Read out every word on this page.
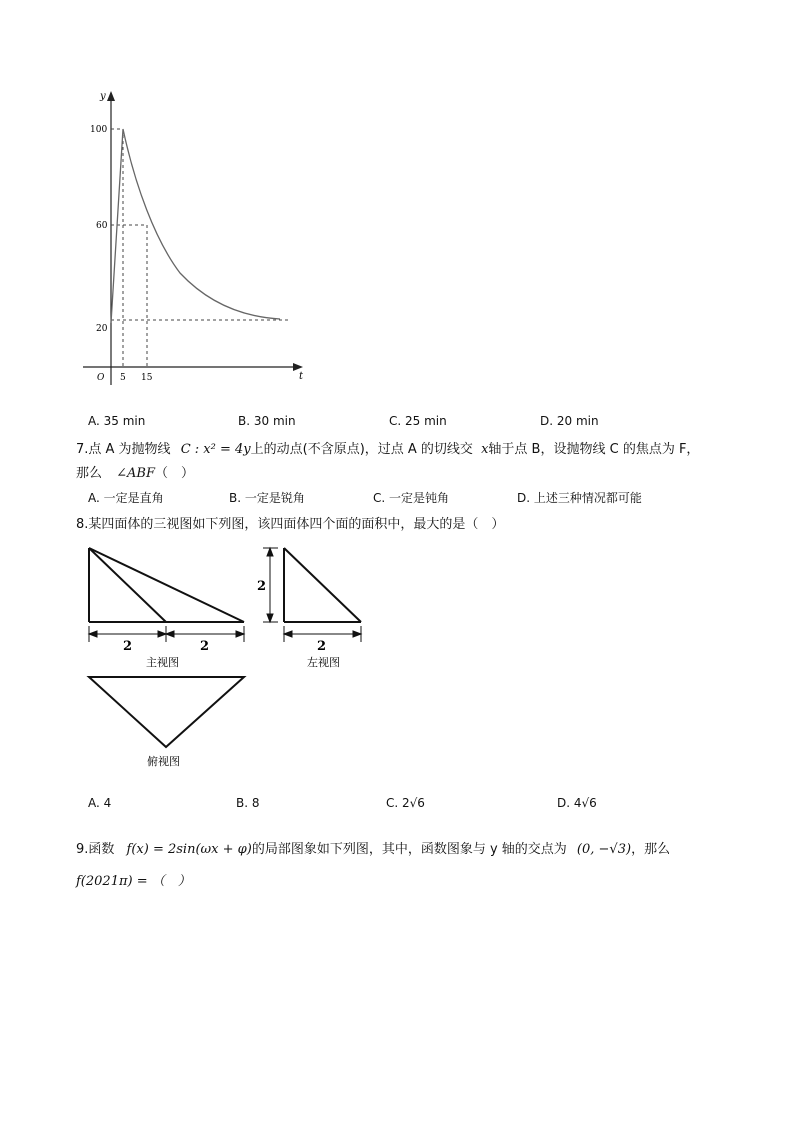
y
t
O
100
60
20
5 15
A. 35 min	B. 30 min	C. 25 min	D. 20 min
7.点 A 为抛物线 C : x² = 4y上的动点(不含原点)，过点 A 的切线交 x轴于点 B，设抛物线 C 的焦点为 F，
那么 ∠ABF（　）
A. 一定是直角	B. 一定是锐角	C. 一定是钝角	D. 上述三种情况都可能
8.某四面体的三视图如下列图，该四面体四个面的面积中，最大的是（　）
2	2
主视图
2
2
左视图
俯视图
A. 4	B. 8	C. 2√6	D. 4√6
9.函数 f(x) = 2sin(ωx + φ)的局部图象如下列图，其中，函数图象与 y 轴的交点为 (0, −√3)，那么
f(2021π) = （　）
